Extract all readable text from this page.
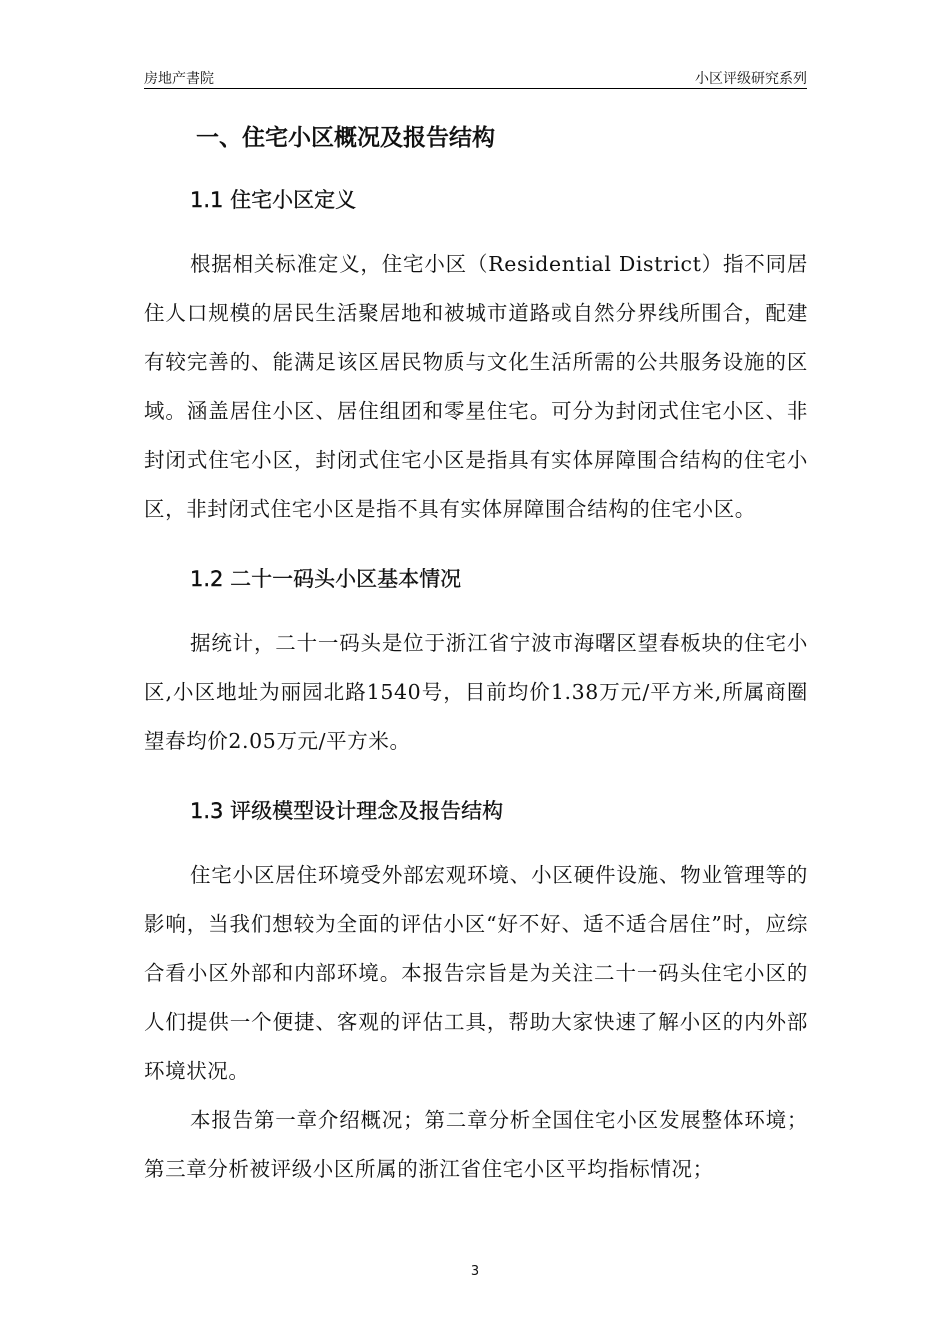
房地产書院	小区评级研究系列
一、住宅小区概况及报告结构
1.1 住宅小区定义

根据相关标准定义，住宅小区（Residential District）指不同居住人口规模的居民生活聚居地和被城市道路或自然分界线所围合，配建有较完善的、能满足该区居民物质与文化生活所需的公共服务设施的区域。涵盖居住小区、居住组团和零星住宅。可分为封闭式住宅小区、非封闭式住宅小区，封闭式住宅小区是指具有实体屏障围合结构的住宅小区，非封闭式住宅小区是指不具有实体屏障围合结构的住宅小区。

1.2 二十一码头小区基本情况

据统计，二十一码头是位于浙江省宁波市海曙区望春板块的住宅小区,小区地址为丽园北路1540号，目前均价1.38万元/平方米,所属商圈望春均价2.05万元/平方米。

1.3 评级模型设计理念及报告结构

住宅小区居住环境受外部宏观环境、小区硬件设施、物业管理等的影响，当我们想较为全面的评估小区“好不好、适不适合居住”时，应综合看小区外部和内部环境。本报告宗旨是为关注二十一码头住宅小区的人们提供一个便捷、客观的评估工具，帮助大家快速了解小区的内外部环境状况。

本报告第一章介绍概况；第二章分析全国住宅小区发展整体环境；第三章分析被评级小区所属的浙江省住宅小区平均指标情况；

3
